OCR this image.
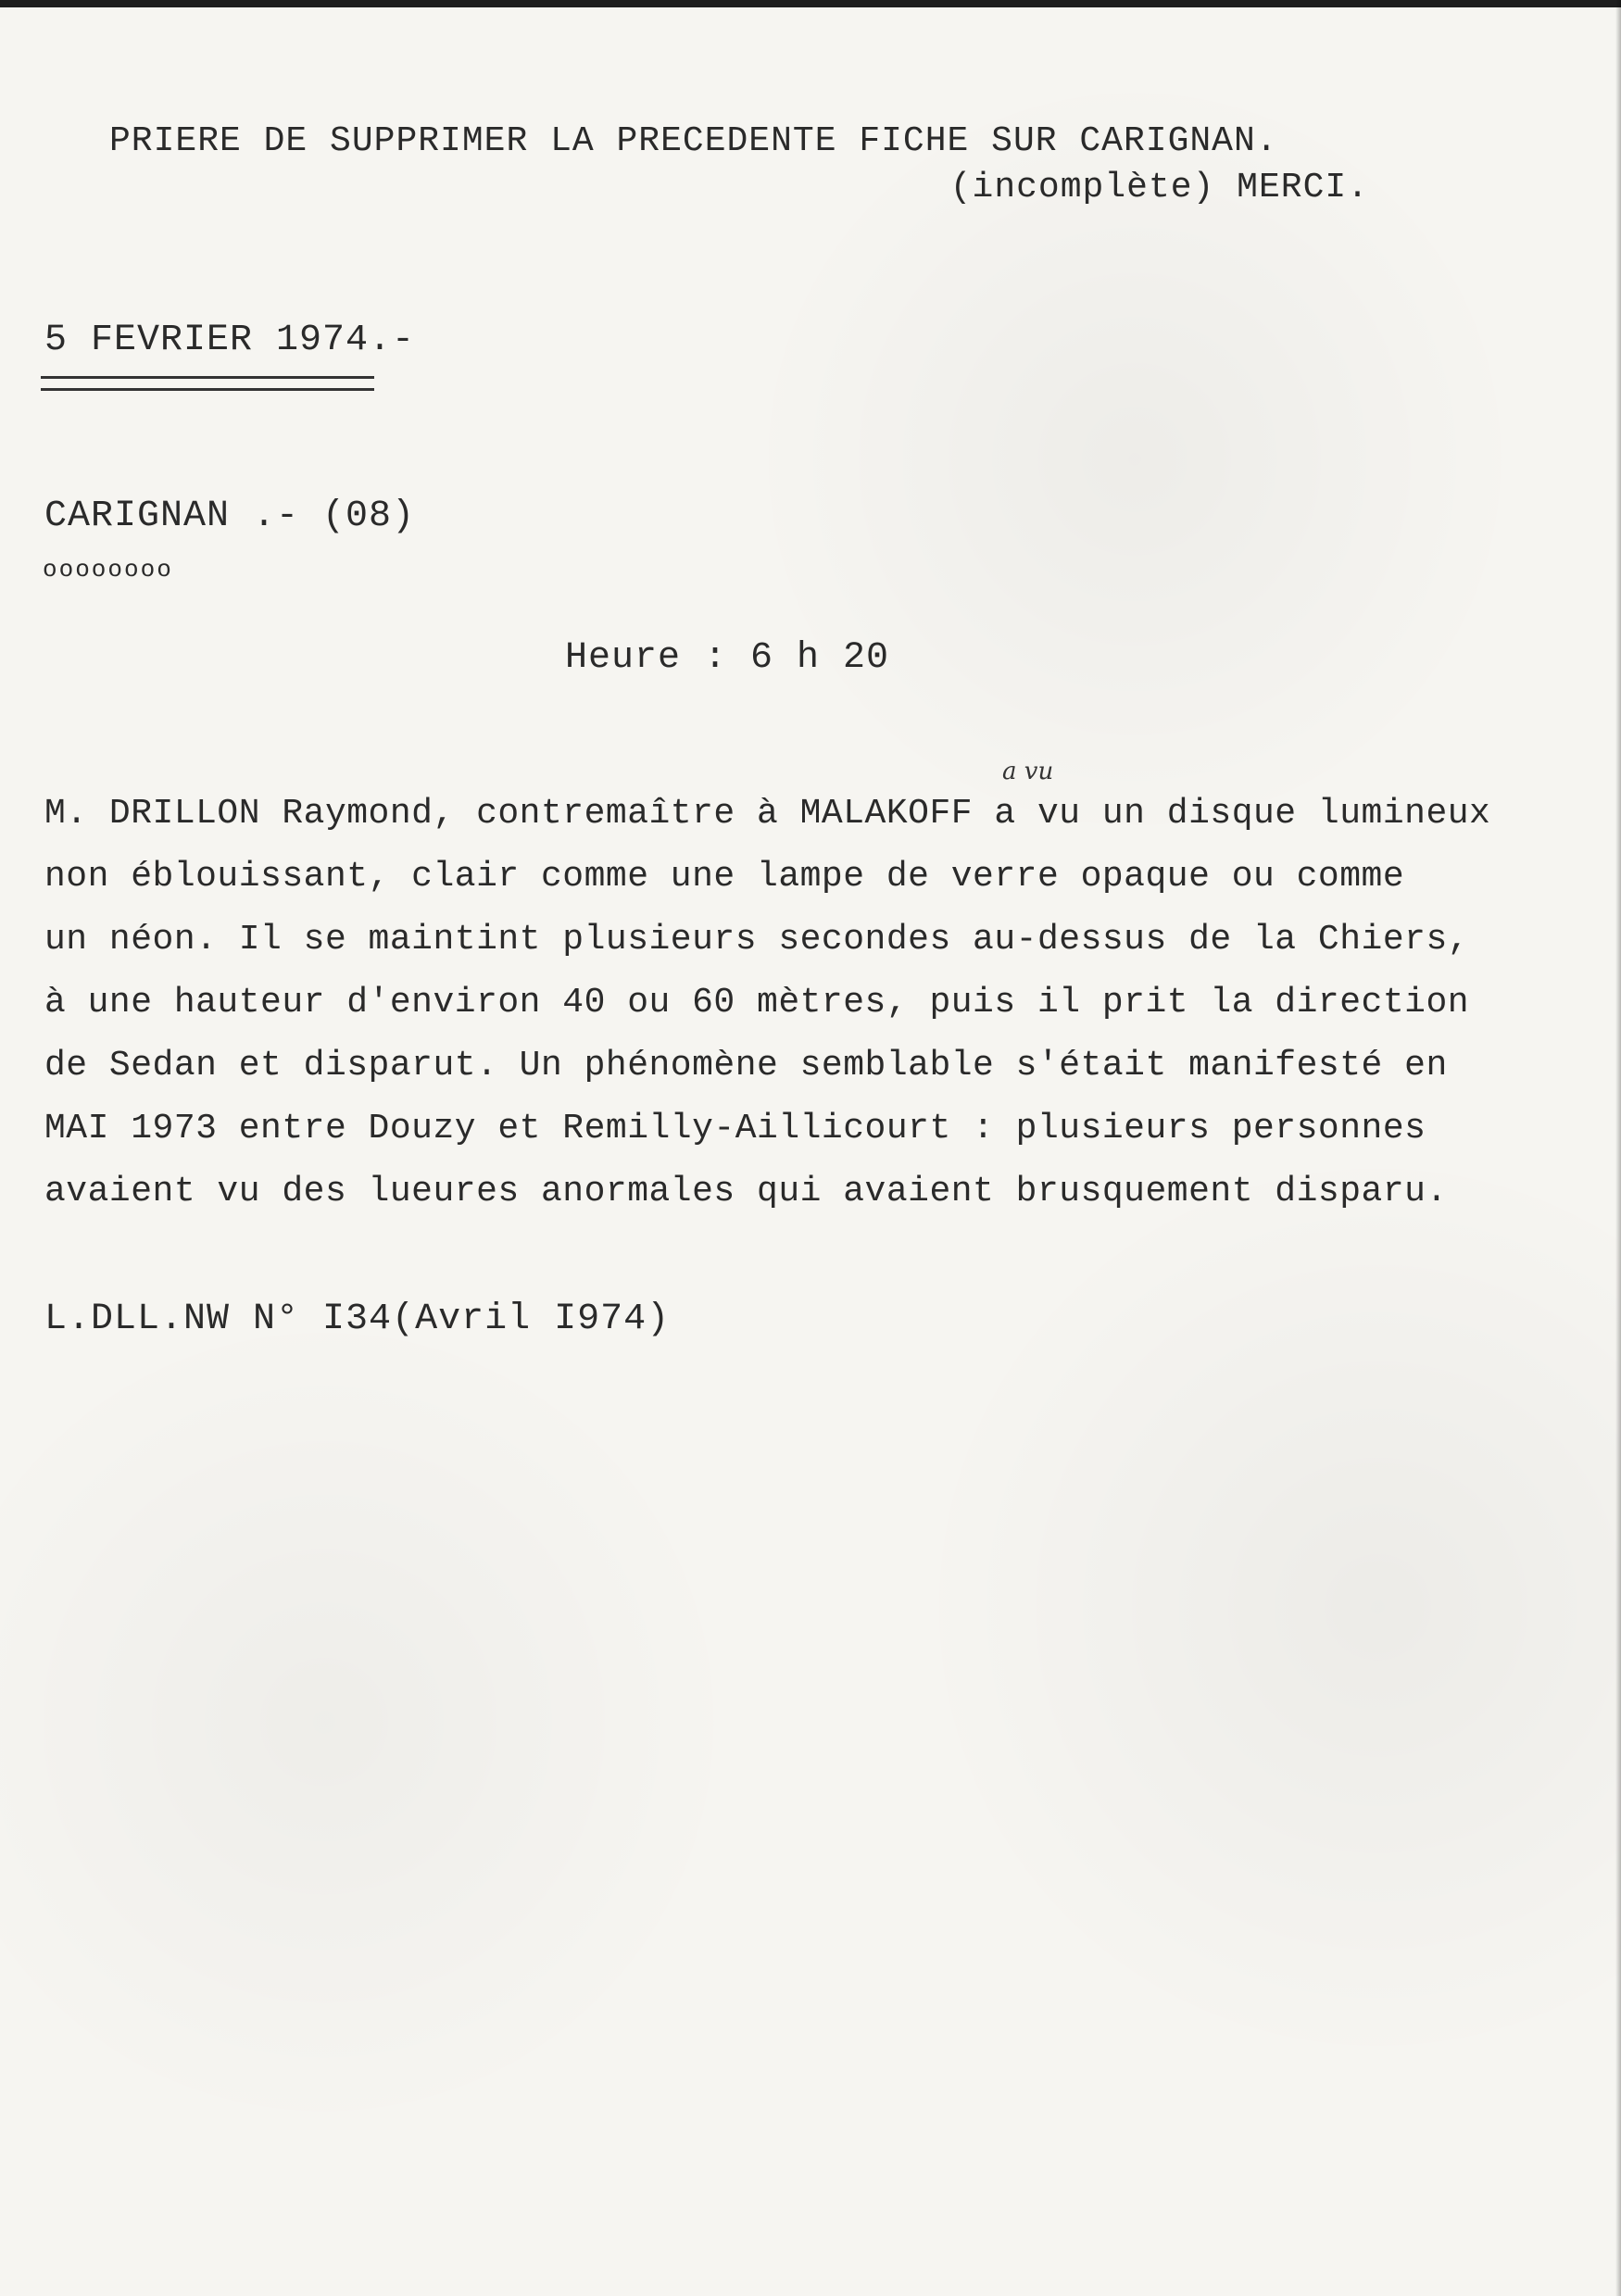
PRIERE DE SUPPRIMER LA PRECEDENTE FICHE SUR CARIGNAN.
(incomplète) MERCI.
5 FEVRIER 1974.-
CARIGNAN .- (08)
oooooooo
Heure : 6 h 20
a vu

M. DRILLON Raymond, contremaître à MALAKOFF a vu un disque lumineux

non éblouissant, clair comme une lampe de verre opaque ou comme

un néon. Il se maintint plusieurs secondes au-dessus de la Chiers,

à une hauteur d'environ 40 ou 60 mètres, puis il prit la direction

de Sedan et disparut. Un phénomène semblable s'était manifesté en

MAI 1973 entre Douzy et Remilly-Aillicourt : plusieurs personnes

avaient vu des lueures anormales qui avaient brusquement disparu.

L.DLL.NW N° I34(Avril I974)
